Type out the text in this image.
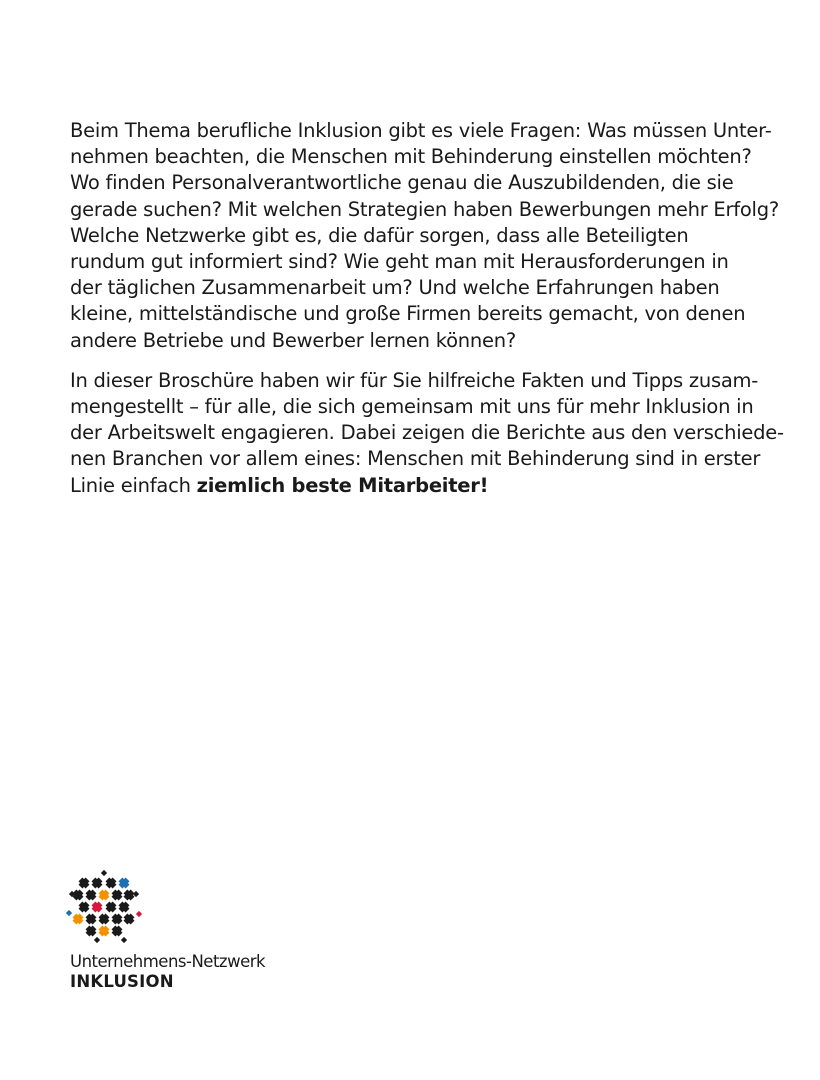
Beim Thema berufliche Inklusion gibt es viele Fragen: Was müssen Unter-
nehmen beachten, die Menschen mit Behinderung einstellen möchten?
Wo finden Personalverantwortliche genau die Auszubildenden, die sie
gerade suchen? Mit welchen Strategien haben Bewerbungen mehr Erfolg?
Welche Netzwerke gibt es, die dafür sorgen, dass alle Beteiligten
rundum gut informiert sind? Wie geht man mit Herausforderungen in
der täglichen Zusammenarbeit um? Und welche Erfahrungen haben
kleine, mittelständische und große Firmen bereits gemacht, von denen
andere Betriebe und Bewerber lernen können?

In dieser Broschüre haben wir für Sie hilfreiche Fakten und Tipps zusam-
mengestellt – für alle, die sich gemeinsam mit uns für mehr Inklusion in
der Arbeitswelt engagieren. Dabei zeigen die Berichte aus den verschiede-
nen Branchen vor allem eines: Menschen mit Behinderung sind in erster
Linie einfach ziemlich beste Mitarbeiter!

Unternehmens-Netzwerk
INKLUSION
